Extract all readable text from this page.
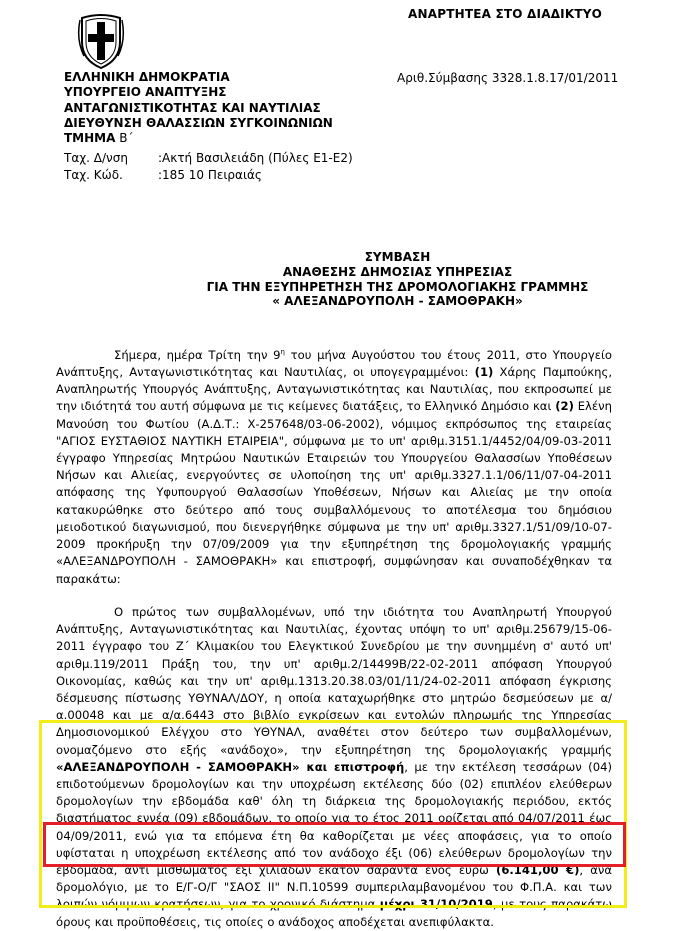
ΑΝΑΡΤΗΤΕΑ ΣΤΟ ΔΙΑΔΙΚΤΥΟ
ΕΛΛΗΝΙΚΗ ΔΗΜΟΚΡΑΤΙΑ
ΥΠΟΥΡΓΕΙΟ ΑΝΑΠΤΥΞΗΣ
ΑΝΤΑΓΩΝΙΣΤΙΚΟΤΗΤΑΣ ΚΑΙ ΝΑΥΤΙΛΙΑΣ
ΔΙΕΥΘΥΝΣΗ ΘΑΛΑΣΣΙΩΝ ΣΥΓΚΟΙΝΩΝΙΩΝ
ΤΜΗΜΑ Β΄
Αριθ.Σύμβασης 3328.1.8.17/01/2011
Ταχ. Δ/νση	:Ακτή Βασιλειάδη (Πύλες Ε1-Ε2)
Ταχ. Κώδ.	:185 10 Πειραιάς
ΣΥΜΒΑΣΗ
ΑΝΑΘΕΣΗΣ ΔΗΜΟΣΙΑΣ ΥΠΗΡΕΣΙΑΣ
ΓΙΑ ΤΗΝ ΕΞΥΠΗΡΕΤΗΣΗ ΤΗΣ ΔΡΟΜΟΛΟΓΙΑΚΗΣ ΓΡΑΜΜΗΣ
« ΑΛΕΞΑΝΔΡΟΥΠΟΛΗ - ΣΑΜΟΘΡΑΚΗ»

Σήμερα, ημέρα Τρίτη την $9^\eta$ του μήνα Αυγούστου του έτους 2011, στο Υπουργείο Ανάπτυξης, Ανταγωνιστικότητας και Ναυτιλίας, οι υπογεγραμμένοι: (1) Χάρης Παμπούκης, Αναπληρωτής Υπουργός Ανάπτυξης, Ανταγωνιστικότητας και Ναυτιλίας, που εκπροσωπεί με την ιδιότητά του αυτή σύμφωνα με τις κείμενες διατάξεις, το Ελληνικό Δημόσιο και (2) Ελένη Μανούση του Φωτίου (Α.Δ.Τ.: Χ-257648/03-06-2002), νόμιμος εκπρόσωπος της εταιρείας "ΑΓΙΟΣ ΕΥΣΤΑΘΙΟΣ ΝΑΥΤΙΚΗ ΕΤΑΙΡΕΙΑ", σύμφωνα με το υπ' αριθμ.3151.1/4452/04/09-03-2011 έγγραφο Υπηρεσίας Μητρώου Ναυτικών Εταιρειών του Υπουργείου Θαλασσίων Υποθέσεων Νήσων και Αλιείας, ενεργούντες σε υλοποίηση της υπ' αριθμ.3327.1.1/06/11/07-04-2011 απόφασης της Υφυπουργού Θαλασσίων Υποθέσεων, Νήσων και Αλιείας με την οποία κατακυρώθηκε στο δεύτερο από τους συμβαλλόμενους το αποτέλεσμα του δημόσιου μειοδοτικού διαγωνισμού, που διενεργήθηκε σύμφωνα με την υπ' αριθμ.3327.1/51/09/10-07-2009 προκήρυξη την 07/09/2009 για την εξυπηρέτηση της δρομολογιακής γραμμής «ΑΛΕΞΑΝΔΡΟΥΠΟΛΗ - ΣΑΜΟΘΡΑΚΗ» και επιστροφή, συμφώνησαν και συναποδέχθηκαν τα παρακάτω:

Ο πρώτος των συμβαλλομένων, υπό την ιδιότητα του Αναπληρωτή Υπουργού Ανάπτυξης, Ανταγωνιστικότητας και Ναυτιλίας, έχοντας υπόψη το υπ' αριθμ.25679/15-06-2011 έγγραφο του Ζ΄ Κλιμακίου του Ελεγκτικού Συνεδρίου με την συνημμένη σ' αυτό υπ' αριθμ.119/2011 Πράξη του, την υπ' αριθμ.2/14499Β/22-02-2011 απόφαση Υπουργού Οικονομίας, καθώς και την υπ' αριθμ.1313.20.38.03/01/11/24-02-2011 απόφαση έγκρισης δέσμευσης πίστωσης ΥΘΥΝΑΛ/ΔΟΥ, η οποία καταχωρήθηκε στο μητρώο δεσμεύσεων με α/α.00048 και με α/α.6443 στο βιβλίο εγκρίσεων και εντολών πληρωμής της Υπηρεσίας Δημοσιονομικού Ελέγχου στο ΥΘΥΝΑΛ, αναθέτει στον δεύτερο των συμβαλλομένων, ονομαζόμενο στο εξής «ανάδοχο», την εξυπηρέτηση της δρομολογιακής γραμμής «ΑΛΕΞΑΝΔΡΟΥΠΟΛΗ - ΣΑΜΟΘΡΑΚΗ» και επιστροφή, με την εκτέλεση τεσσάρων (04) επιδοτούμενων δρομολογίων και την υποχρέωση εκτέλεσης δύο (02) επιπλέον ελεύθερων δρομολογίων την εβδομάδα καθ' όλη τη διάρκεια της δρομολογιακής περιόδου, εκτός διαστήματος εννέα (09) εβδομάδων, το οποίο για το έτος 2011 ορίζεται από 04/07/2011 έως 04/09/2011, ενώ για τα επόμενα έτη θα καθορίζεται με νέες αποφάσεις, για το οποίο υφίσταται η υποχρέωση εκτέλεσης από τον ανάδοχο έξι (06) ελεύθερων δρομολογίων την εβδομάδα, αντί μισθώματος έξι χιλιάδων εκατόν σαράντα ενός ευρώ (6.141,00 €), ανά δρομολόγιο, με το Ε/Γ-Ο/Γ "ΣΑΟΣ ΙΙ" Ν.Π.10599 συμπεριλαμβανομένου του Φ.Π.Α. και των λοιπών νόμιμων κρατήσεων, για το χρονικό διάστημα μέχρι 31/10/2019, με τους παρακάτω όρους και προϋποθέσεις, τις οποίες ο ανάδοχος αποδέχεται ανεπιφύλακτα.
